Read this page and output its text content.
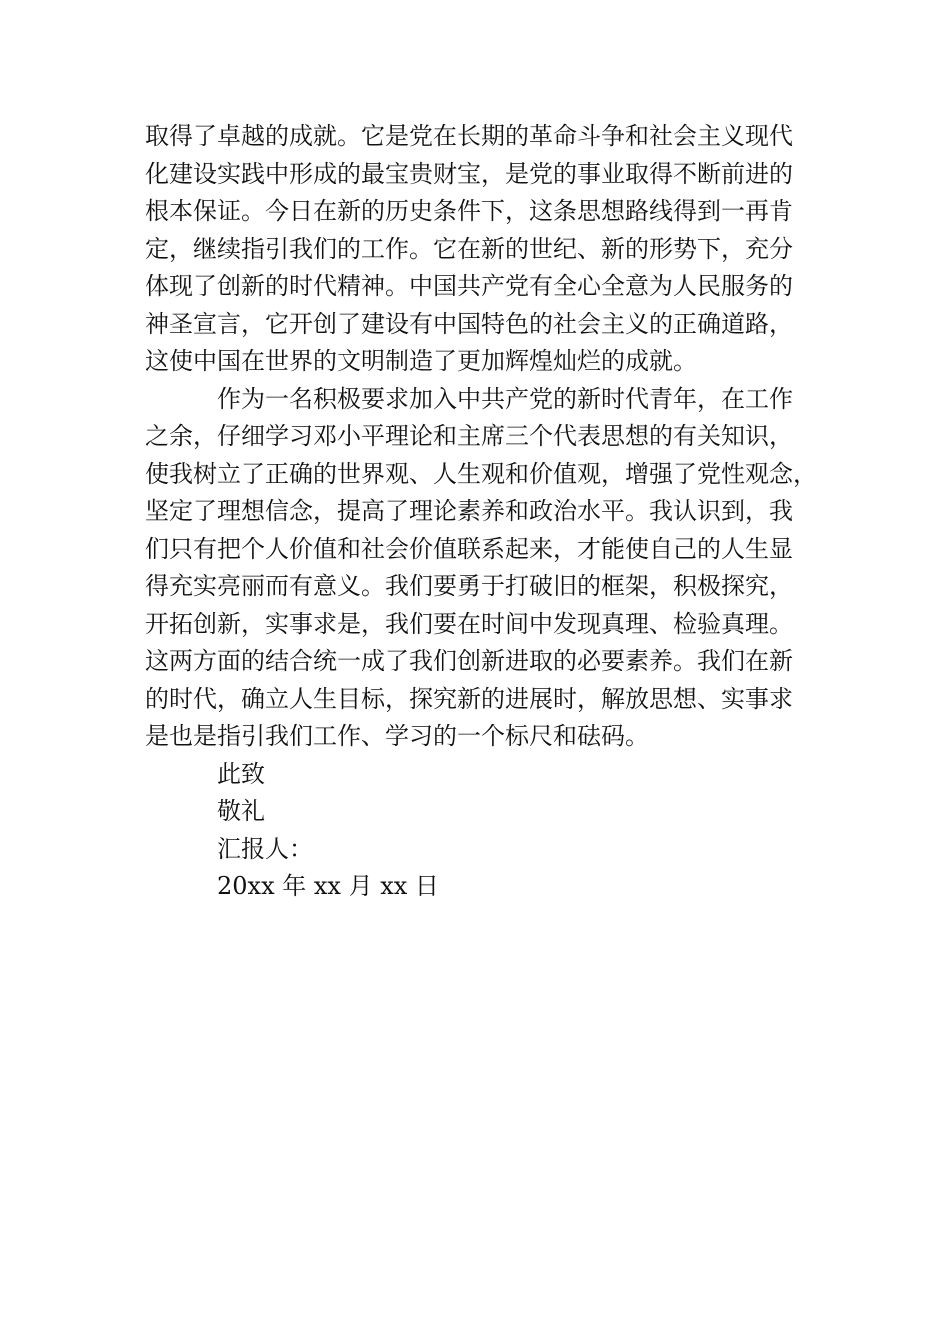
取得了卓越的成就。它是党在长期的革命斗争和社会主义现代
化建设实践中形成的最宝贵财宝，是党的事业取得不断前进的
根本保证。今日在新的历史条件下，这条思想路线得到一再肯
定，继续指引我们的工作。它在新的世纪、新的形势下，充分
体现了创新的时代精神。中国共产党有全心全意为人民服务的
神圣宣言，它开创了建设有中国特色的社会主义的正确道路，
这使中国在世界的文明制造了更加辉煌灿烂的成就。
作为一名积极要求加入中共产党的新时代青年，在工作
之余，仔细学习邓小平理论和主席三个代表思想的有关知识，
使我树立了正确的世界观、人生观和价值观，增强了党性观念，
坚定了理想信念，提高了理论素养和政治水平。我认识到，我
们只有把个人价值和社会价值联系起来，才能使自己的人生显
得充实亮丽而有意义。我们要勇于打破旧的框架，积极探究，
开拓创新，实事求是，我们要在时间中发现真理、检验真理。
这两方面的结合统一成了我们创新进取的必要素养。我们在新
的时代，确立人生目标，探究新的进展时，解放思想、实事求
是也是指引我们工作、学习的一个标尺和砝码。
此致
敬礼
汇报人：
20xx 年 xx 月 xx 日
